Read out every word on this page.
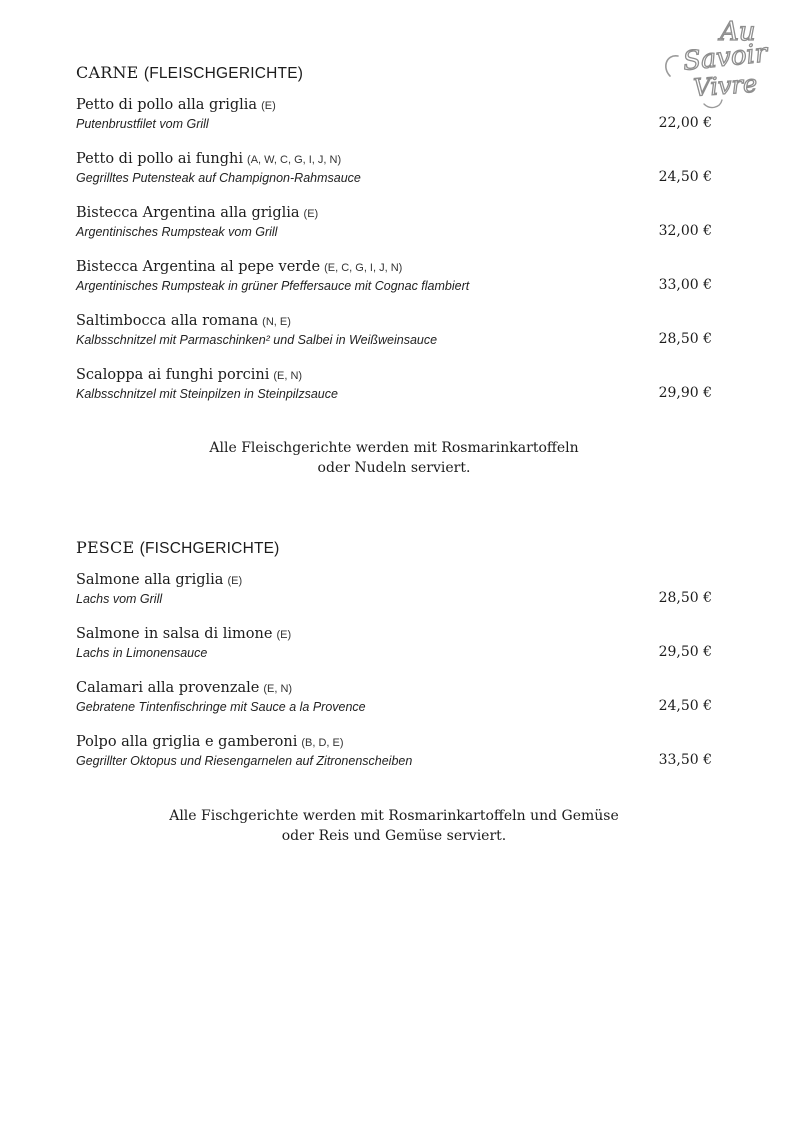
Au
Savoir
Vivre
CARNE (FLEISCHGERICHTE)
Petto di pollo alla griglia (E)
Putenbrustfilet vom Grill	22,00 €
Petto di pollo ai funghi (A, W, C, G, I, J, N)
Gegrilltes Putensteak auf Champignon-Rahmsauce	24,50 €
Bistecca Argentina alla griglia (E)
Argentinisches Rumpsteak vom Grill	32,00 €
Bistecca Argentina al pepe verde (E, C, G, I, J, N)
Argentinisches Rumpsteak in grüner Pfeffersauce mit Cognac flambiert	33,00 €
Saltimbocca alla romana (N, E)
Kalbsschnitzel mit Parmaschinken² und Salbei in Weißweinsauce	28,50 €
Scaloppa ai funghi porcini (E, N)
Kalbsschnitzel mit Steinpilzen in Steinpilzsauce	29,90 €
Alle Fleischgerichte werden mit Rosmarinkartoffeln
oder Nudeln serviert.
PESCE (FISCHGERICHTE)
Salmone alla griglia (E)
Lachs vom Grill	28,50 €
Salmone in salsa di limone (E)
Lachs in Limonensauce	29,50 €
Calamari alla provenzale (E, N)
Gebratene Tintenfischringe mit Sauce a la Provence	24,50 €
Polpo alla griglia e gamberoni (B, D, E)
Gegrillter Oktopus und Riesengarnelen auf Zitronenscheiben	33,50 €
Alle Fischgerichte werden mit Rosmarinkartoffeln und Gemüse
oder Reis und Gemüse serviert.
